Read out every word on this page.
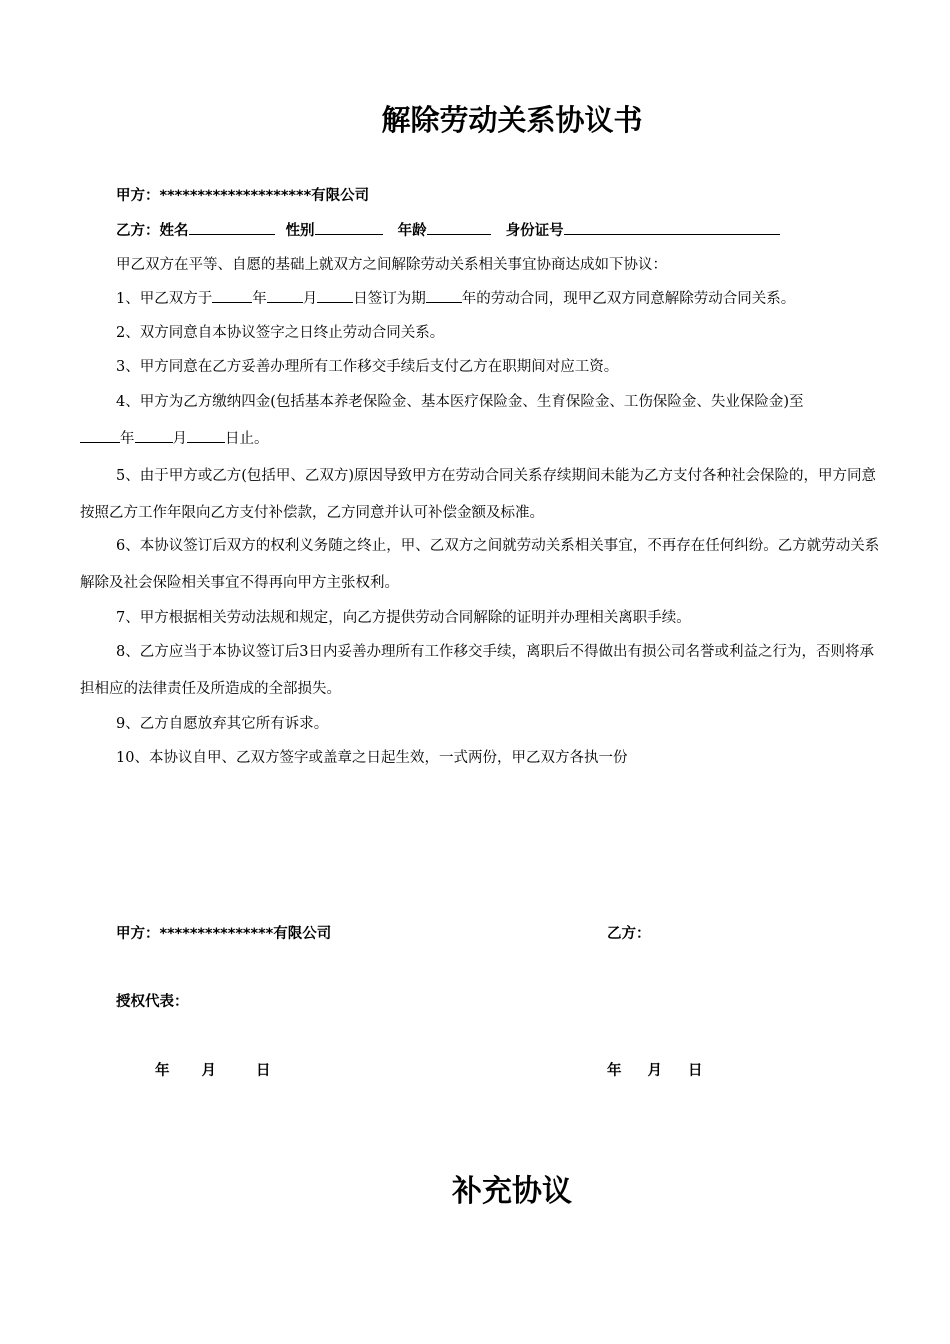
解除劳动关系协议书
甲方：********************有限公司
乙方：姓名	性别	年龄	身份证号
甲乙双方在平等、自愿的基础上就双方之间解除劳动关系相关事宜协商达成如下协议：
1、甲乙双方于	年 月 日签订为期 年的劳动合同，现甲乙双方同意解除劳动合同关系。
2、双方同意自本协议签字之日终止劳动合同关系。
3、甲方同意在乙方妥善办理所有工作移交手续后支付乙方在职期间对应工资。
4、甲方为乙方缴纳四金(包括基本养老保险金、基本医疗保险金、生育保险金、工伤保险金、失业保险金)至
年	月	日止。
5、由于甲方或乙方(包括甲、乙双方)原因导致甲方在劳动合同关系存续期间未能为乙方支付各种社会保险的，甲方同意按照乙方工作年限向乙方支付补偿款，乙方同意并认可补偿金额及标准。
6、本协议签订后双方的权利义务随之终止，甲、乙双方之间就劳动关系相关事宜，不再存在任何纠纷。乙方就劳动关系解除及社会保险相关事宜不得再向甲方主张权利。
7、甲方根据相关劳动法规和规定，向乙方提供劳动合同解除的证明并办理相关离职手续。
8、乙方应当于本协议签订后3日内妥善办理所有工作移交手续，离职后不得做出有损公司名誉或利益之行为，否则将承担相应的法律责任及所造成的全部损失。
9、乙方自愿放弃其它所有诉求。
10、本协议自甲、乙双方签字或盖章之日起生效，一式两份，甲乙双方各执一份
甲方：***************有限公司	乙方：
授权代表：
年 月	日	年 月 日
补充协议
